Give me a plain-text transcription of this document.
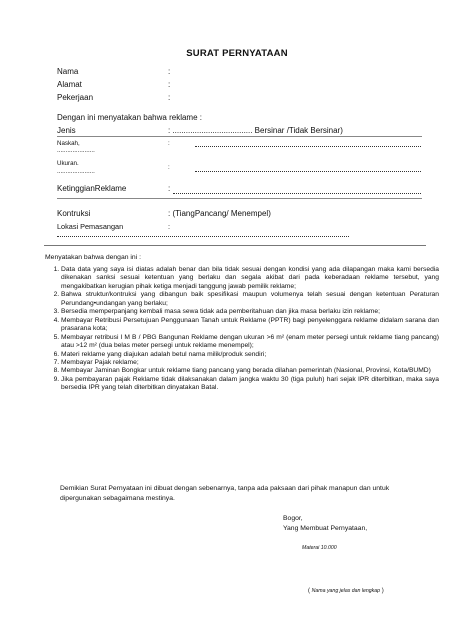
SURAT PERNYATAAN
Nama	:
Alamat	:
Pekerjaan	:
Dengan ini menyatakan bahwa reklame :
Jenis	: .................................... Bersinar /Tidak Bersinar)
Naskah,	:
......................
Ukuran.
:
......................
KetinggianReklame	:
Kontruksi	: (TiangPancang/ Menempel)
Lokasi Pemasangan	:
Menyatakan bahwa dengan ini :
1. Data data yang saya isi diatas adalah benar dan bila tidak sesuai dengan kondisi yang ada dilapangan maka kami bersedia dikenakan sanksi sesuai ketentuan yang berlaku dan segala akibat dari pada keberadaan reklame tersebut, yang mengakibatkan kerugian pihak ketiga menjadi tanggung jawab pemilik reklame;
2. Bahwa struktur/kontruksi yang dibangun baik spesifikasi maupun volumenya telah sesuai dengan ketentuan Peraturan Perundang•undangan yang berlaku;
3. Bersedia memperpanjang kembali masa sewa tidak ada pemberitahuan dan jika masa berlaku izin reklame;
4. Membayar Retribusi Persetujuan Penggunaan Tanah untuk Reklame (PPTR) bagi penyelenggara reklame didalam sarana dan prasarana kota;
5. Membayar retribusi I M B / PBG Bangunan Reklame dengan ukuran >6 m² (enam meter persegi untuk reklame tiang pancang) atau >12 m² (dua belas meter persegi untuk reklame menempel);
6. Materi reklame yang diajukan adalah betul nama milik/produk sendiri;
7. Membayar Pajak reklame;
8. Membayar Jaminan Bongkar untuk reklame tiang pancang yang berada dilahan pemerintah (Nasional, Provinsi, Kota/BUMD)
9. Jika pembayaran pajak Reklame tidak dilaksanakan dalam jangka waktu 30 (tiga puluh) hari sejak IPR diterbitkan, maka saya bersedia IPR yang telah diterbitkan dinyatakan Batal.
Demikian Surat Pernyataan ini dibuat dengan sebenarnya, tanpa ada paksaan dari pihak manapun dan untuk dipergunakan sebagaimana mestinya.
Bogor,
Yang Membuat Pernyataan,
Materai 10.000
( Nama yang jelas dan lengkap )
